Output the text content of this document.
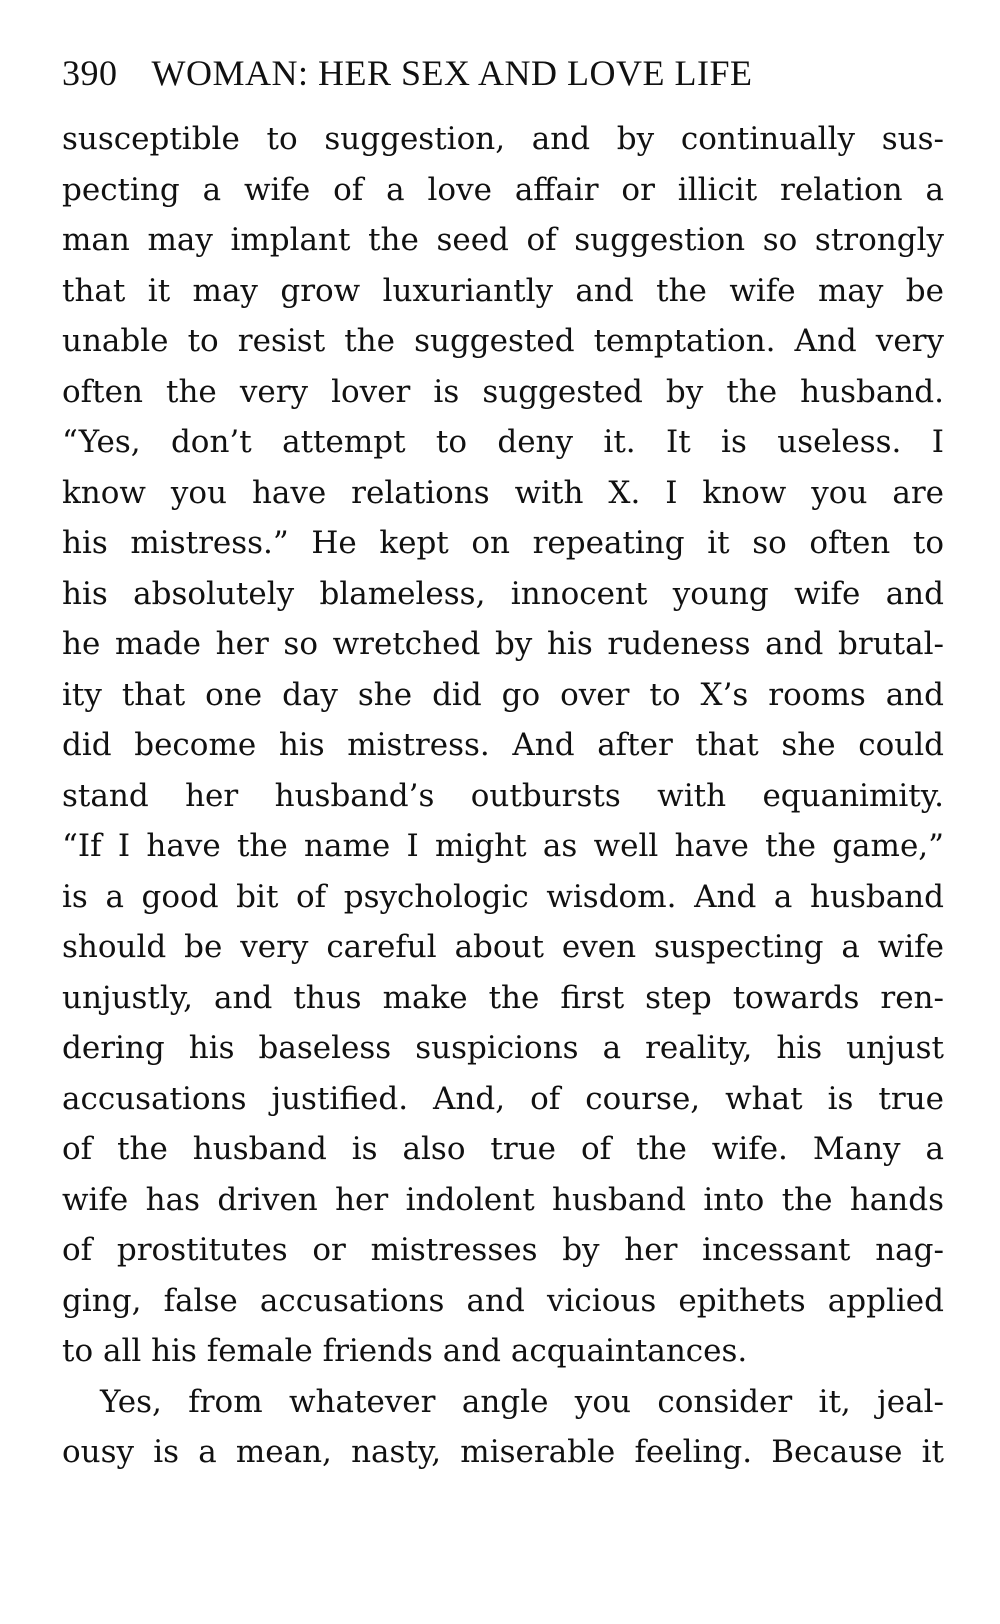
390 WOMAN: HER SEX AND LOVE LIFE
susceptible to suggestion, and by continually sus-
pecting a wife of a love affair or illicit relation a
man may implant the seed of suggestion so strongly
that it may grow luxuriantly and the wife may be
unable to resist the suggested temptation. And very
often the very lover is suggested by the husband.
“Yes, don’t attempt to deny it. It is useless. I
know you have relations with X. I know you are
his mistress.” He kept on repeating it so often to
his absolutely blameless, innocent young wife and
he made her so wretched by his rudeness and brutal-
ity that one day she did go over to X’s rooms and
did become his mistress. And after that she could
stand her husband’s outbursts with equanimity.
“If I have the name I might as well have the game,”
is a good bit of psychologic wisdom. And a husband
should be very careful about even suspecting a wife
unjustly, and thus make the first step towards ren-
dering his baseless suspicions a reality, his unjust
accusations justified. And, of course, what is true
of the husband is also true of the wife. Many a
wife has driven her indolent husband into the hands
of prostitutes or mistresses by her incessant nag-
ging, false accusations and vicious epithets applied
to all his female friends and acquaintances.
Yes, from whatever angle you consider it, jeal-
ousy is a mean, nasty, miserable feeling. Because it
